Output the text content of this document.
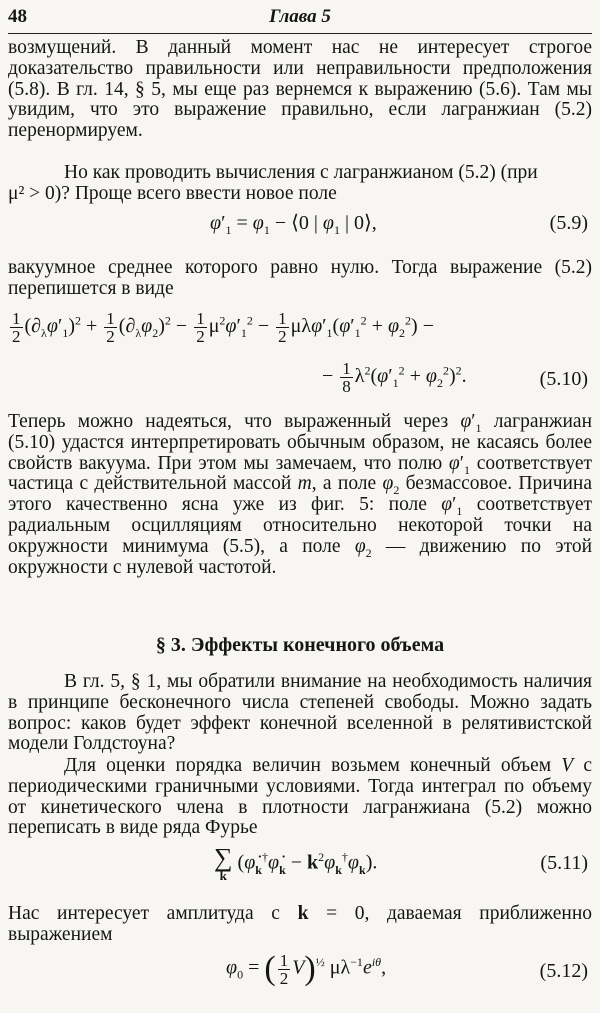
48	Глава 5

возмущений. В данный момент нас не интересует строгое доказательство правильности или неправильности предположения (5.8). В гл. 14, § 5, мы еще раз вернемся к выражению (5.6). Там мы увидим, что это выражение правильно, если лагранжиан (5.2) перенормируем.

Но как проводить вычисления с лагранжианом (5.2) (при
μ² > 0)? Проще всего ввести новое поле

$\varphi'_1 = \varphi_1$ − ⟨0 | $\varphi_1$ | 0⟩,	(5.9)

вакуумное среднее которого равно нулю. Тогда выражение (5.2) перепишется в виде

$\frac{1}{2} (\partial_\lambda\varphi'_1)^2 + \frac{1}{2} (\partial_\lambda\varphi_2)^2 - \frac{1}{2} \mu^2\varphi'_1^2 - \frac{1}{2} \mu\lambda\varphi'_1(\varphi'_1^2 + \varphi_2^2)$ −
− $\frac{1}{8} \lambda^2(\varphi'_1^2 + \varphi_2^2)^2$.	(5.10)

Теперь можно надеяться, что выраженный через $\varphi'_1$ лагранжиан (5.10) удастся интерпретировать обычным образом, не касаясь более свойств вакуума. При этом мы замечаем, что полю $\varphi'_1$ соответствует частица с действительной массой m, а поле $\varphi_2$ безмассовое. Причина этого качественно ясна уже из фиг. 5: поле $\varphi'_1$ соответствует радиальным осцилляциям относительно некоторой точки на окружности минимума (5.5), а поле $\varphi_2$ — движению по этой окружности с нулевой частотой.

§ 3. Эффекты конечного объема

В гл. 5, § 1, мы обратили внимание на необходимость наличия в принципе бесконечного числа степеней свободы. Можно задать вопрос: каков будет эффект конечной вселенной в релятивистской модели Голдстоуна?

Для оценки порядка величин возьмем конечный объем V с периодическими граничными условиями. Тогда интеграл по объему от кинетического члена в плотности лагранжиана (5.2) можно переписать в виде ряда Фурье

∑
k
$(\varphi̇_k^\dagger\varphi̇_k - k^2\varphi_k^\dagger\varphi_k)$.	(5.11)

Нас интересует амплитуда с k = 0, даваемая приближенно выражением

$\varphi_0$ = ( $\frac{1}{2} V)^{\frac{1}{2}}$ $\mu\lambda^{-1}e^{i\theta}$,	(5.12)
